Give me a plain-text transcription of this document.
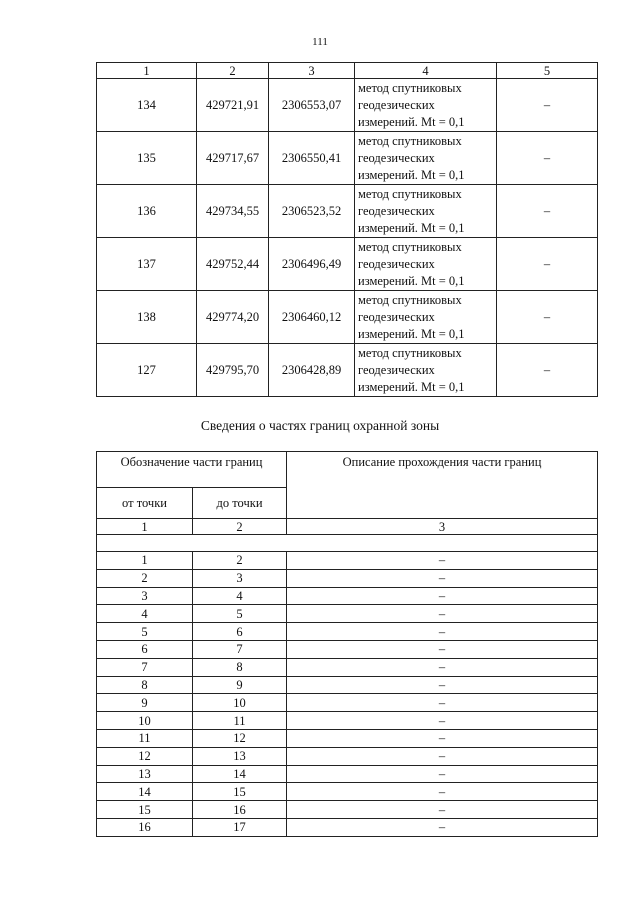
111
1	2	3	4	5
134	429721,91	2306553,07	метод спутниковых
геодезических
измерений. Mt = 0,1	–
135	429717,67	2306550,41	метод спутниковых
геодезических
измерений. Mt = 0,1	–
136	429734,55	2306523,52	метод спутниковых
геодезических
измерений. Mt = 0,1	–
137	429752,44	2306496,49	метод спутниковых
геодезических
измерений. Mt = 0,1	–
138	429774,20	2306460,12	метод спутниковых
геодезических
измерений. Mt = 0,1	–
127	429795,70	2306428,89	метод спутниковых
геодезических
измерений. Mt = 0,1	–
Сведения о частях границ охранной зоны
Обозначение части границ		Описание прохождения части границ
от точки	до точки	
1	2	3

1	2	–
2	3	–
3	4	–
4	5	–
5	6	–
6	7	–
7	8	–
8	9	–
9	10	–
10	11	–
11	12	–
12	13	–
13	14	–
14	15	–
15	16	–
16	17	–
